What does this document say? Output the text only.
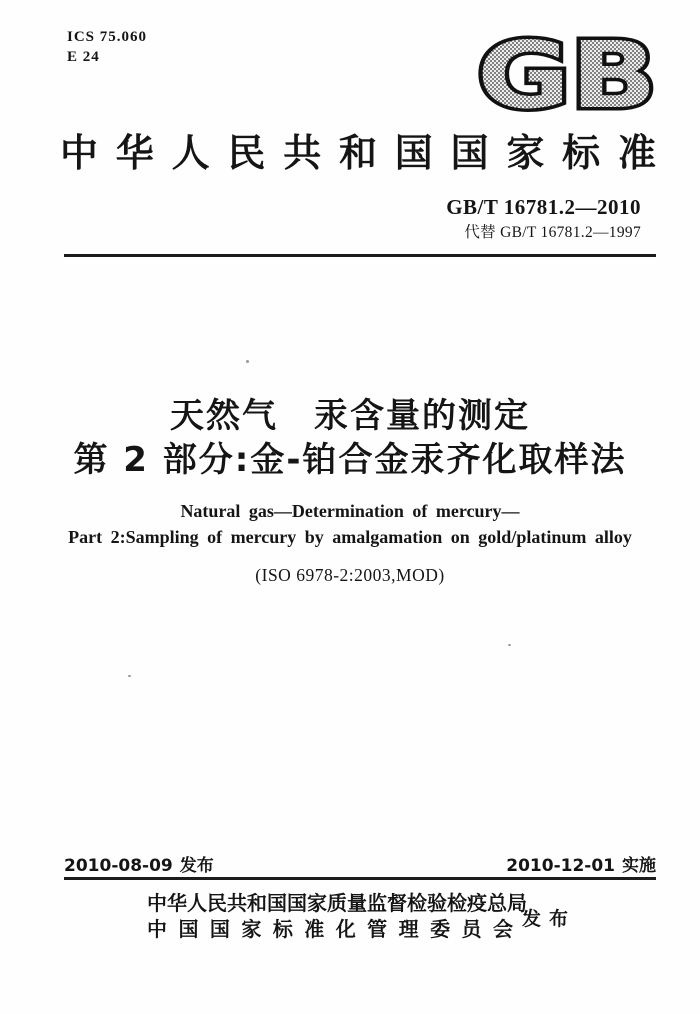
ICS 75.060
E 24	GB
中 华 人 民 共 和 国 国 家 标 准
GB/T 16781.2—2010
代替 GB/T 16781.2—1997
天然气　汞含量的测定
第 2 部分:金-铂合金汞齐化取样法
Natural gas—Determination of mercury—
Part 2:Sampling of mercury by amalgamation on gold/platinum alloy
(ISO 6978-2:2003,MOD)
2010-08-09 发布	2010-12-01 实施
中华人民共和国国家质量监督检验检疫总局
中 国 国 家 标 准 化 管 理 委 员 会 发 布
